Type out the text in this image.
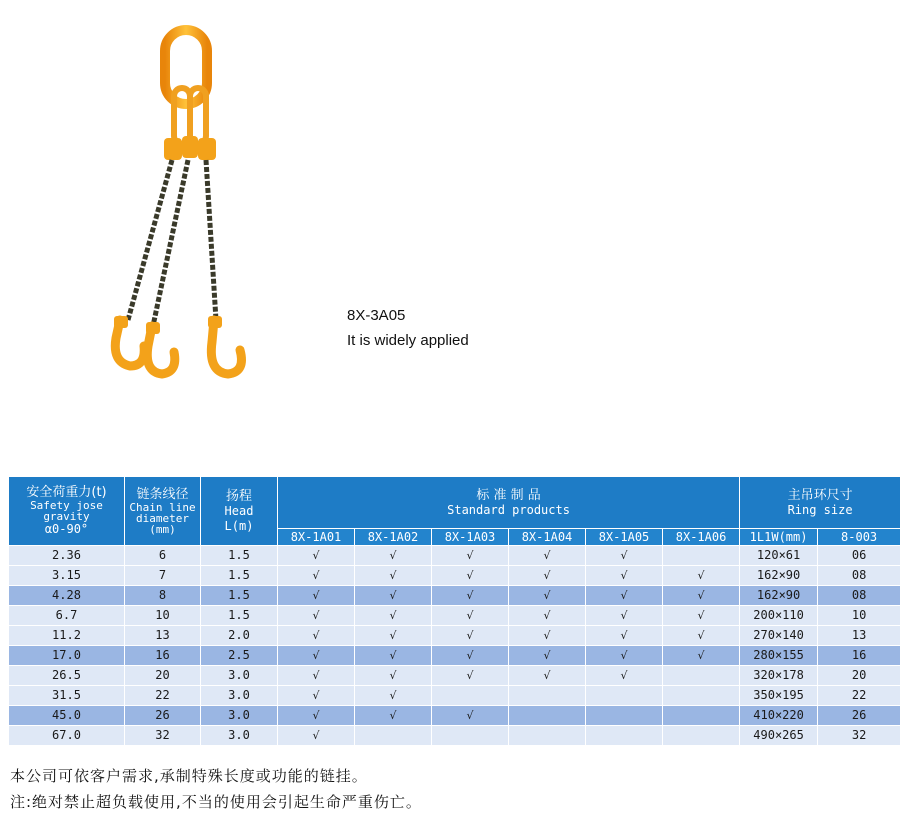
8X-3A05
It is widely applied
安全荷重力(t)
Safety jose gravity
α0-90°	链条线径
Chain line
diameter
(mm)	扬程
Head
L(m)	标 准 制 品
Standard products						主吊环尺寸
Ring size	

			8X-1A01	8X-1A02	8X-1A03	8X-1A04	8X-1A05	8X-1A06	1L1W(mm)	8-003
2.36	6	1.5	√	√	√	√	√		120×61	06
3.15	7	1.5	√	√	√	√	√	√	162×90	08
4.28	8	1.5	√	√	√	√	√	√	162×90	08
6.7	10	1.5	√	√	√	√	√	√	200×110	10
11.2	13	2.0	√	√	√	√	√	√	270×140	13
17.0	16	2.5	√	√	√	√	√	√	280×155	16
26.5	20	3.0	√	√	√	√	√		320×178	20
31.5	22	3.0	√	√					350×195	22
45.0	26	3.0	√	√	√				410×220	26
67.0	32	3.0	√						490×265	32
本公司可依客户需求,承制特殊长度或功能的链挂。
注:绝对禁止超负载使用,不当的使用会引起生命严重伤亡。
